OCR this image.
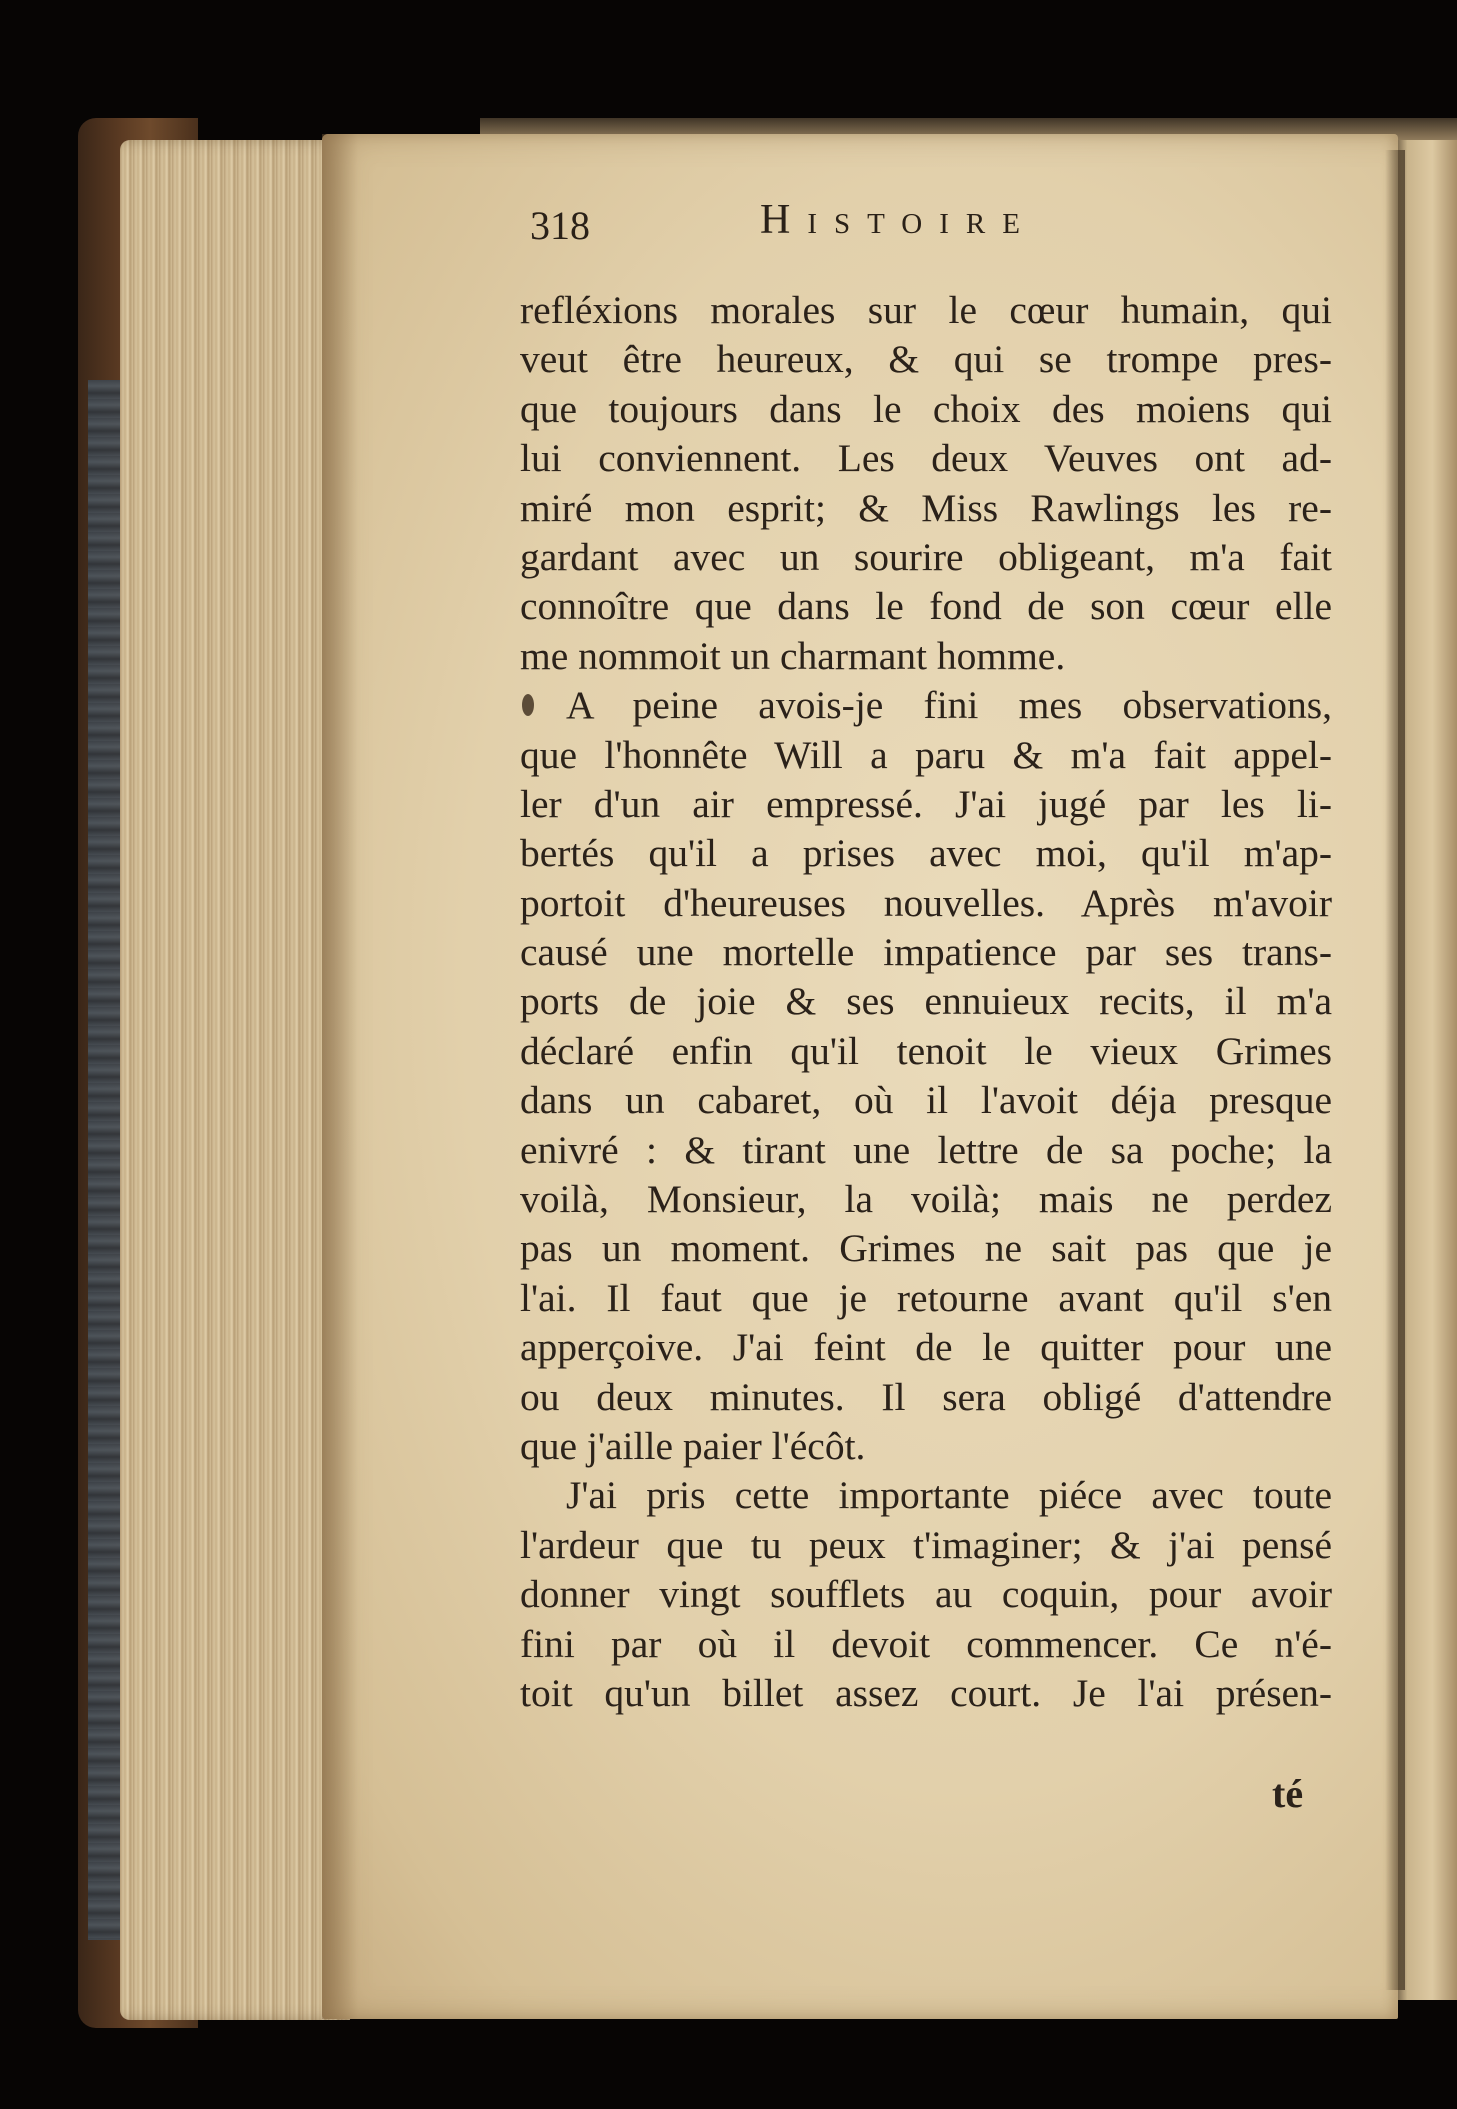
318	Histoire
refléxions morales sur le cœur humain, qui
veut être heureux, & qui se trompe pres-
que toujours dans le choix des moiens qui
lui conviennent. Les deux Veuves ont ad-
miré mon esprit; & Miss Rawlings les re-
gardant avec un sourire obligeant, m'a fait
connoître que dans le fond de son cœur elle
me nommoit un charmant homme.
A peine avois-je fini mes observations,
que l'honnête Will a paru & m'a fait appel-
ler d'un air empressé. J'ai jugé par les li-
bertés qu'il a prises avec moi, qu'il m'ap-
portoit d'heureuses nouvelles. Après m'avoir
causé une mortelle impatience par ses trans-
ports de joie & ses ennuieux recits, il m'a
déclaré enfin qu'il tenoit le vieux Grimes
dans un cabaret, où il l'avoit déja presque
enivré : & tirant une lettre de sa poche; la
voilà, Monsieur, la voilà; mais ne perdez
pas un moment. Grimes ne sait pas que je
l'ai. Il faut que je retourne avant qu'il s'en
apperçoive. J'ai feint de le quitter pour une
ou deux minutes. Il sera obligé d'attendre
que j'aille paier l'écôt.
J'ai pris cette importante piéce avec toute
l'ardeur que tu peux t'imaginer; & j'ai pensé
donner vingt soufflets au coquin, pour avoir
fini par où il devoit commencer. Ce n'é-
toit qu'un billet assez court. Je l'ai présen-
té
